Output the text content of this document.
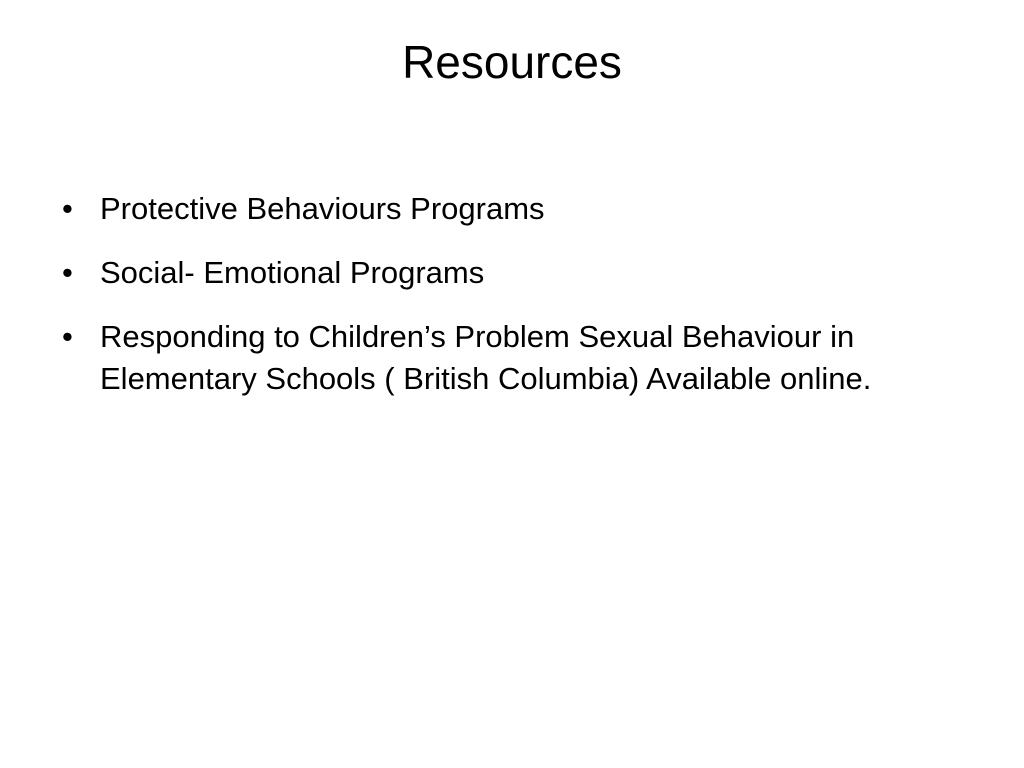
Resources
• Protective Behaviours Programs
• Social- Emotional Programs
• Responding to Children’s Problem Sexual Behaviour in Elementary Schools ( British Columbia) Available online.
